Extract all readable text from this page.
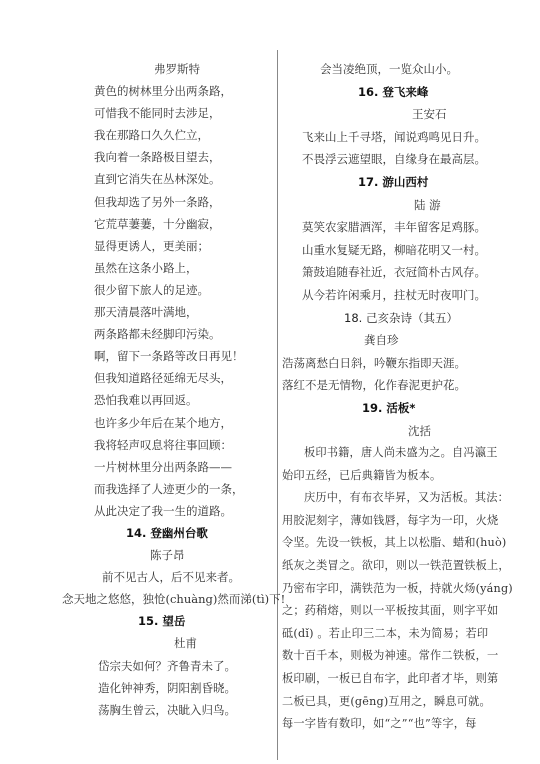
弗罗斯特
黄色的树林里分出两条路，
可惜我不能同时去涉足，
我在那路口久久伫立，
我向着一条路极目望去，
直到它消失在丛林深处。
但我却选了另外一条路，
它荒草萋萋，十分幽寂，
显得更诱人，更美丽；
虽然在这条小路上，
很少留下旅人的足迹。
那天清晨落叶满地，
两条路都未经脚印污染。
啊，留下一条路等改日再见！
但我知道路径延绵无尽头，
恐怕我难以再回返。
也许多少年后在某个地方，
我将轻声叹息将往事回顾：
一片树林里分出两条路——
而我选择了人迹更少的一条，
从此决定了我一生的道路。
14. 登幽州台歌
陈子昂
前不见古人，后不见来者。
念天地之悠悠，独怆(chuàng)然而涕(tì)下!
15. 望岳
杜甫
岱宗夫如何？齐鲁青未了。
造化钟神秀，阴阳割昏晓。
荡胸生曾云，决眦入归鸟。
会当凌绝顶，一览众山小。
16. 登飞来峰
王安石
飞来山上千寻塔，闻说鸡鸣见日升。
不畏浮云遮望眼，自缘身在最高层。
17. 游山西村
陆 游
莫笑农家腊酒浑，丰年留客足鸡豚。
山重水复疑无路，柳暗花明又一村。
箫鼓追随春社近，衣冠简朴古风存。
从今若许闲乘月，拄杖无时夜叩门。
18. 己亥杂诗（其五）
龚自珍
浩荡离愁白日斜，吟鞭东指即天涯。
落红不是无情物，化作春泥更护花。
19. 活板*
沈括
板印书籍，唐人尚未盛为之。自冯瀛王
始印五经，已后典籍皆为板本。
庆历中，有布衣毕昇，又为活板。其法：
用胶泥刻字，薄如钱唇，每字为一印，火烧
令坚。先设一铁板，其上以松脂、蜡和(huò)
纸灰之类冒之。欲印，则以一铁范置铁板上，
乃密布字印，满铁范为一板，持就火炀(yáng)
之；药稍熔，则以一平板按其面，则字平如
砥(dǐ) 。若止印三二本，未为简易；若印
数十百千本，则极为神速。常作二铁板，一
板印刷，一板已自布字，此印者才毕，则第
二板已具，更(gēng)互用之，瞬息可就。
每一字皆有数印，如“之”“也”等字，每
